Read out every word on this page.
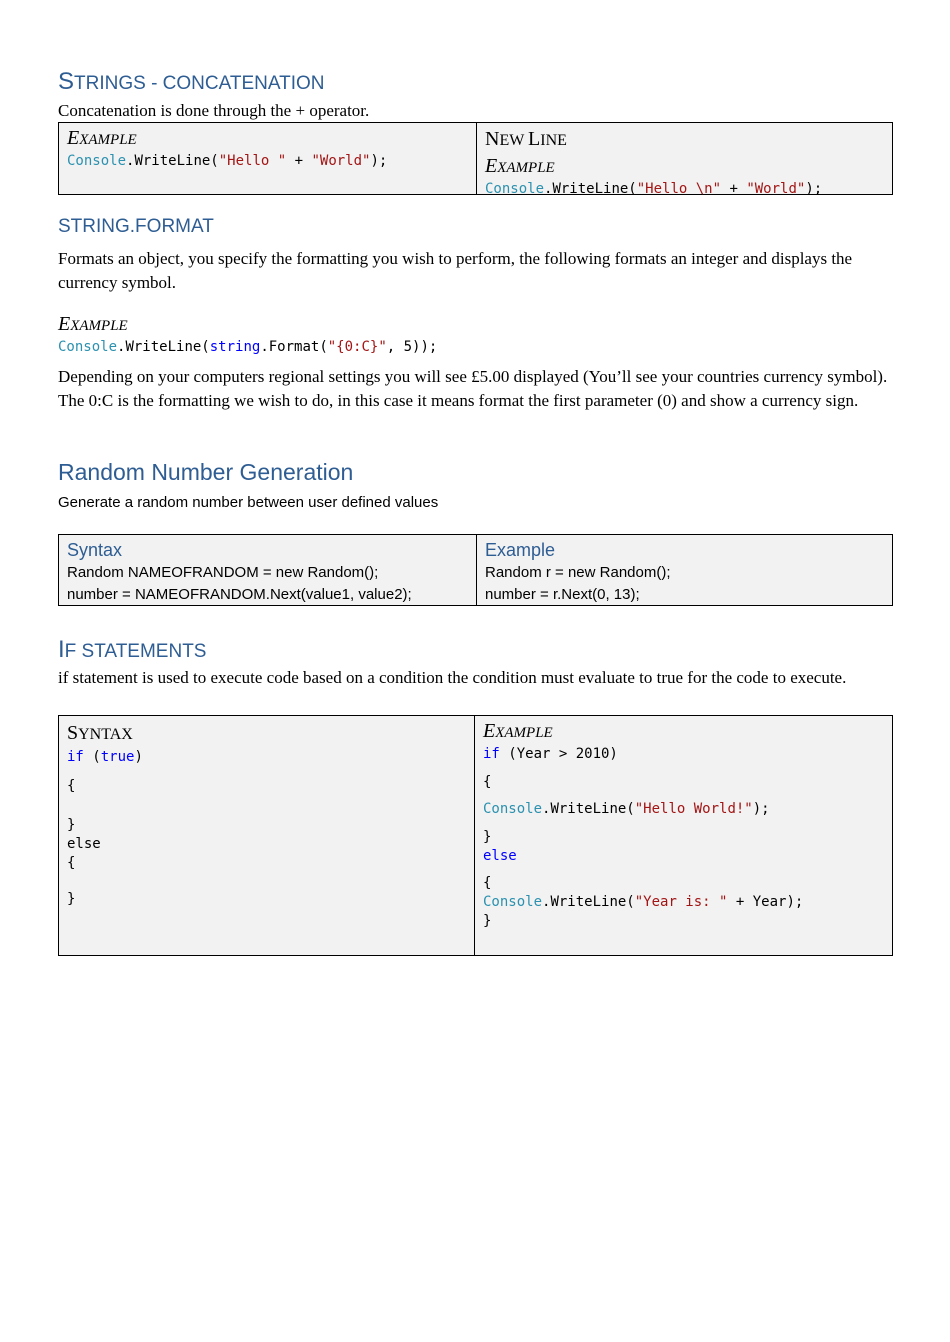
STRINGS - CONCATENATION

Concatenation is done through the + operator.

EXAMPLE
Console.WriteLine("Hello " + "World");
NEW LINE
EXAMPLE
Console.WriteLine("Hello \n" + "World");
STRING.FORMAT

Formats an object, you specify the formatting you wish to perform, the following formats an integer and displays the currency symbol.

EXAMPLE
Console.WriteLine(string.Format("{0:C}", 5));

Depending on your computers regional settings you will see £5.00 displayed (You’ll see your countries currency symbol). The 0:C is the formatting we wish to do, in this case it means format the first parameter (0) and show a currency sign.

Random Number Generation
Generate a random number between user defined values
Syntax
Random NAMEOFRANDOM = new Random();
number = NAMEOFRANDOM.Next(value1, value2);
Example
Random r = new Random();
number = r.Next(0, 13);
IF STATEMENTS

if statement is used to execute code based on a condition the condition must evaluate to true for the code to execute.

SYNTAX
if (true)
{
}
else
{
}
EXAMPLE
if (Year > 2010)
{
Console.WriteLine("Hello World!");
}
else
{
Console.WriteLine("Year is: " + Year);
}
